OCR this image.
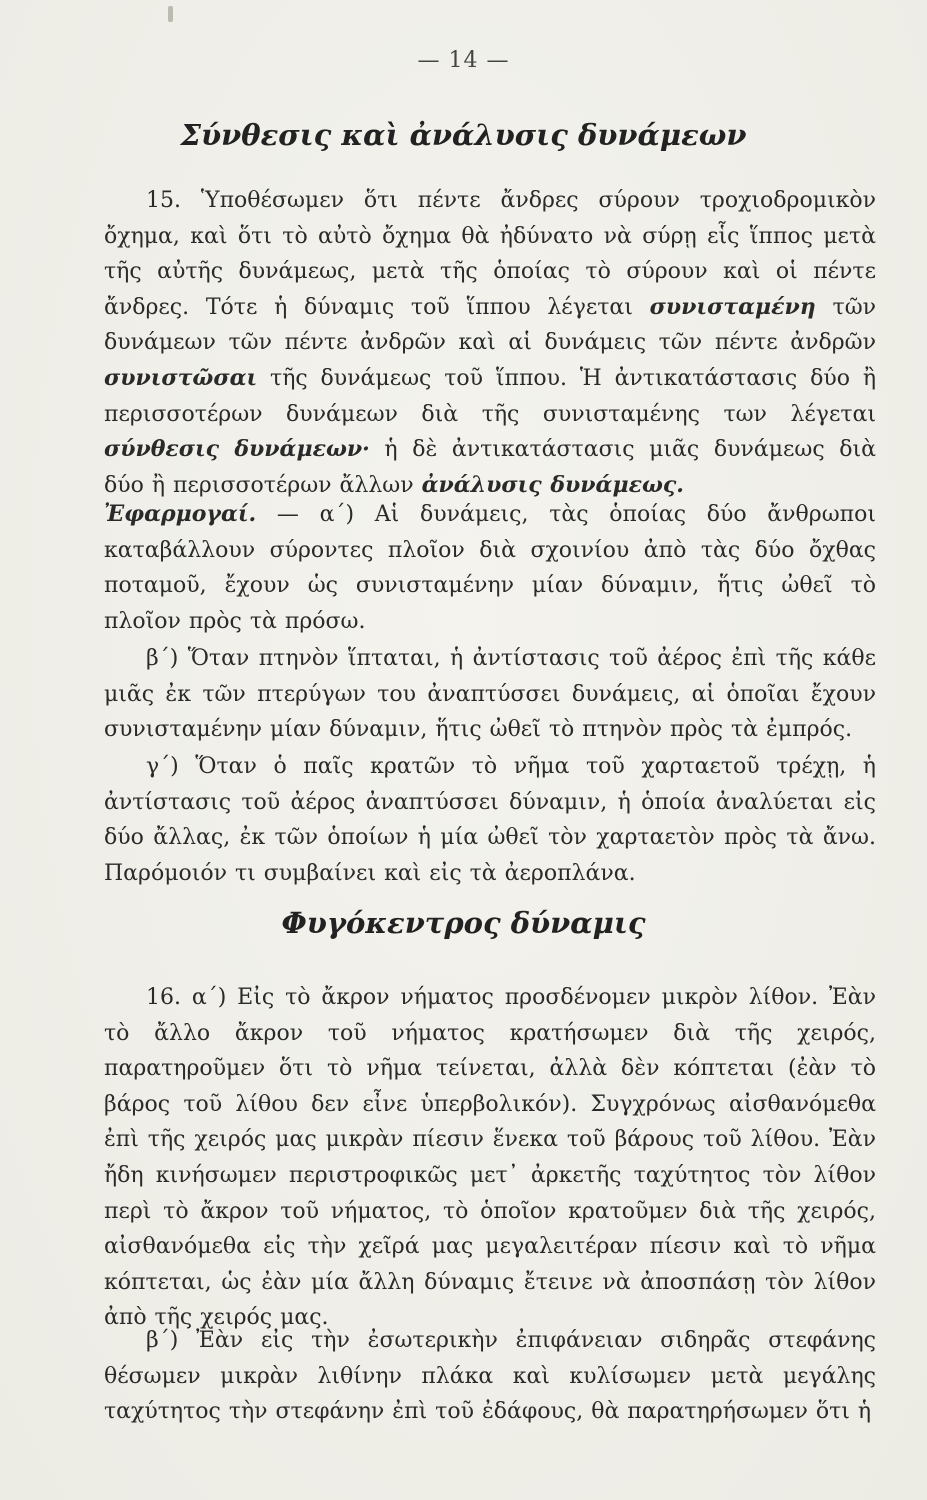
— 14 —
Σύνθεσις καὶ ἀνάλυσις δυνάμεων

15. Ὑποθέσωμεν ὅτι πέντε ἄνδρες σύρουν τροχιοδρομικὸν ὄχημα, καὶ ὅτι τὸ αὐτὸ ὄχημα θὰ ἠδύνατο νὰ σύρῃ εἷς ἵππος μετὰ τῆς αὐτῆς δυνάμεως, μετὰ τῆς ὁποίας τὸ σύρουν καὶ οἱ πέντε ἄνδρες. Τότε ἡ δύναμις τοῦ ἵππου λέγεται συνισταμένη τῶν δυνάμεων τῶν πέντε ἀνδρῶν καὶ αἱ δυνάμεις τῶν πέντε ἀνδρῶν συνιστῶσαι τῆς δυνάμεως τοῦ ἵππου. Ἡ ἀντικατάστασις δύο ἢ περισσοτέρων δυνάμεων διὰ τῆς συνισταμένης των λέγεται σύνθεσις δυνάμεων· ἡ δὲ ἀντικατάστασις μιᾶς δυνάμεως διὰ δύο ἢ περισσοτέρων ἄλλων ἀνάλυσις δυνάμεως.

Ἐφαρμογαί. — α΄) Αἱ δυνάμεις, τὰς ὁποίας δύο ἄνθρωποι καταβάλλουν σύροντες πλοῖον διὰ σχοινίου ἀπὸ τὰς δύο ὄχθας ποταμοῦ, ἔχουν ὡς συνισταμένην μίαν δύναμιν, ἥτις ὠθεῖ τὸ πλοῖον πρὸς τὰ πρόσω.

β΄) Ὅταν πτηνὸν ἵπταται, ἡ ἀντίστασις τοῦ ἀέρος ἐπὶ τῆς κάθε μιᾶς ἐκ τῶν πτερύγων του ἀναπτύσσει δυνάμεις, αἱ ὁποῖαι ἔχουν συνισταμένην μίαν δύναμιν, ἥτις ὠθεῖ τὸ πτηνὸν πρὸς τὰ ἐμπρός.

γ΄) Ὅταν ὁ παῖς κρατῶν τὸ νῆμα τοῦ χαρταετοῦ τρέχῃ, ἡ ἀντίστασις τοῦ ἀέρος ἀναπτύσσει δύναμιν, ἡ ὁποία ἀναλύεται εἰς δύο ἄλλας, ἐκ τῶν ὁποίων ἡ μία ὠθεῖ τὸν χαρταετὸν πρὸς τὰ ἄνω. Παρόμοιόν τι συμβαίνει καὶ εἰς τὰ ἀεροπλάνα.

Φυγόκεντρος δύναμις

16. α΄) Εἰς τὸ ἄκρον νήματος προσδένομεν μικρὸν λίθον. Ἐὰν τὸ ἄλλο ἄκρον τοῦ νήματος κρατήσωμεν διὰ τῆς χειρός, παρατηροῦμεν ὅτι τὸ νῆμα τείνεται, ἀλλὰ δὲν κόπτεται (ἐὰν τὸ βάρος τοῦ λίθου δεν εἶνε ὑπερβολικόν). Συγχρόνως αἰσθανόμεθα ἐπὶ τῆς χειρός μας μικρὰν πίεσιν ἕνεκα τοῦ βάρους τοῦ λίθου. Ἐὰν ἤδη κινήσωμεν περιστροφικῶς μετ᾽ ἀρκετῆς ταχύτητος τὸν λίθον περὶ τὸ ἄκρον τοῦ νήματος, τὸ ὁποῖον κρατοῦμεν διὰ τῆς χειρός, αἰσθανόμεθα εἰς τὴν χεῖρά μας μεγαλειτέραν πίεσιν καὶ τὸ νῆμα κόπτεται, ὡς ἐὰν μία ἄλλη δύναμις ἔτεινε νὰ ἀποσπάσῃ τὸν λίθον ἀπὸ τῆς χειρός μας.

β΄) Ἐὰν εἰς τὴν ἐσωτερικὴν ἐπιφάνειαν σιδηρᾶς στεφάνης θέσωμεν μικρὰν λιθίνην πλάκα καὶ κυλίσωμεν μετὰ μεγάλης ταχύτητος τὴν στεφάνην ἐπὶ τοῦ ἐδάφους, θὰ παρατηρήσωμεν ὅτι ἡ
